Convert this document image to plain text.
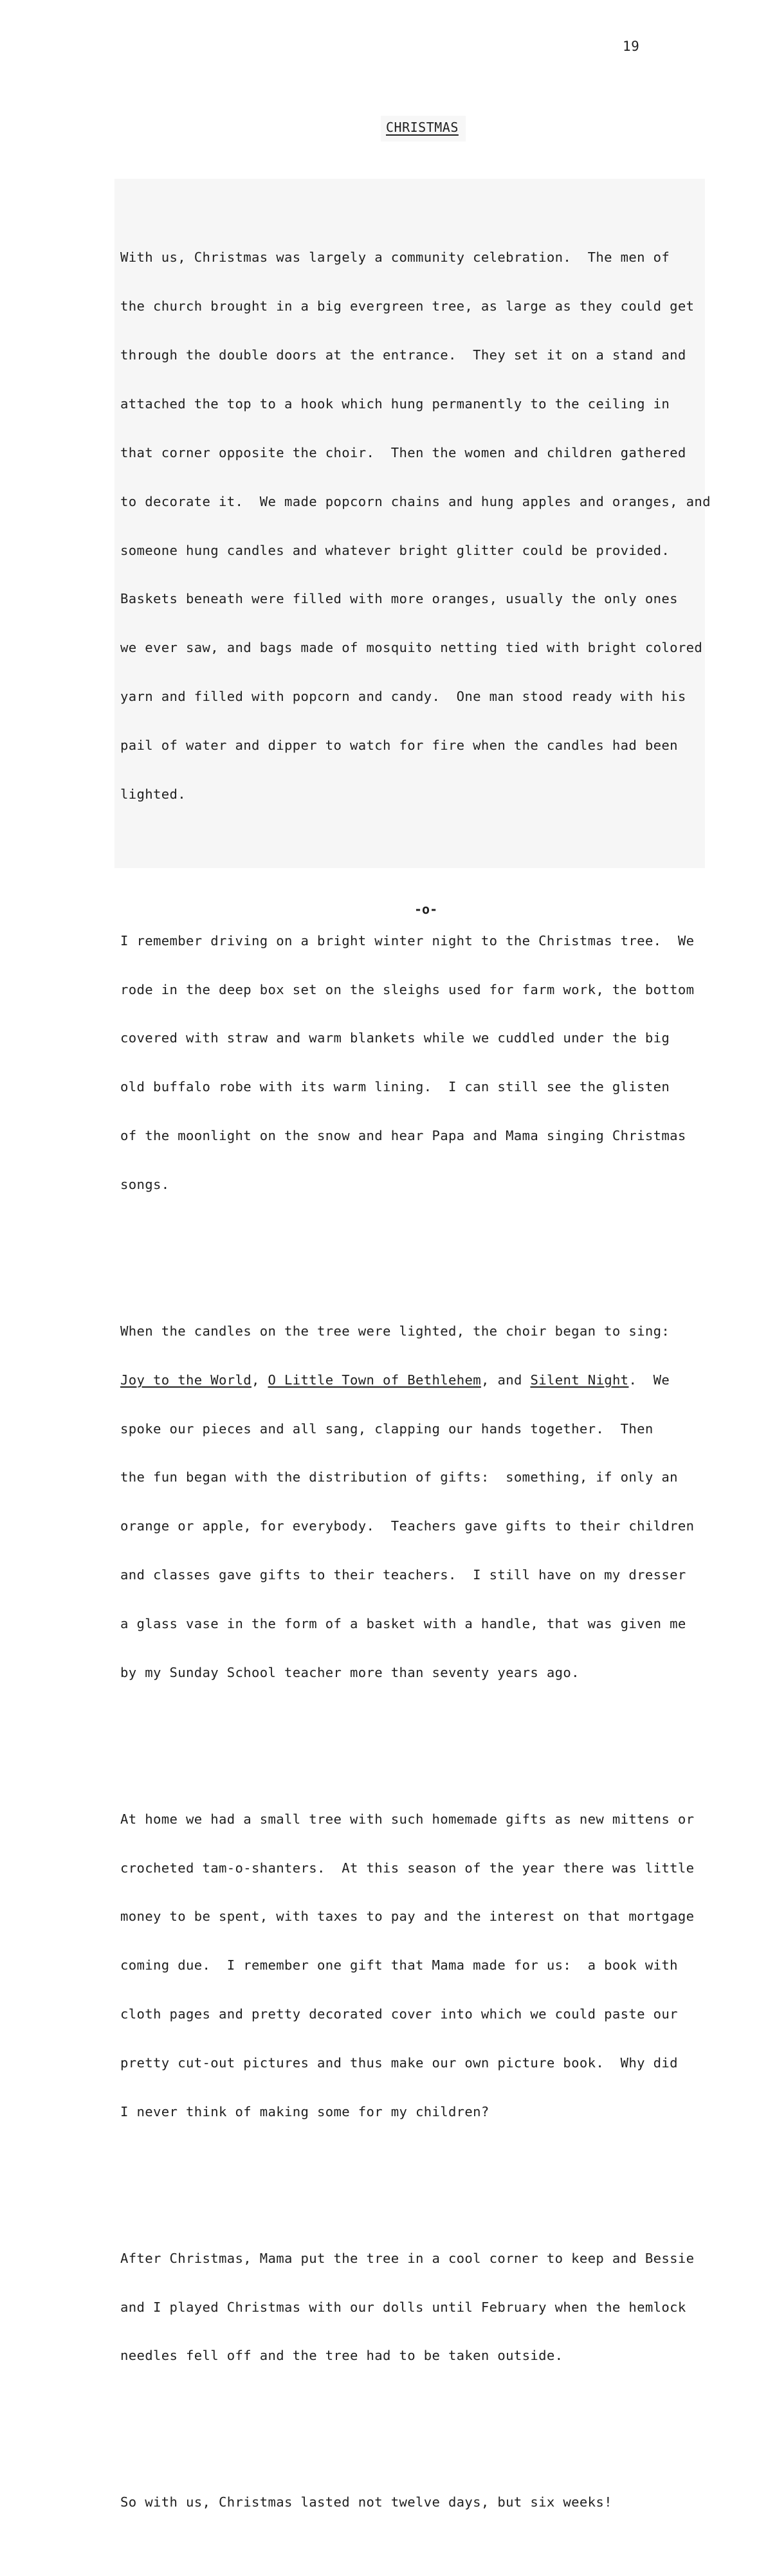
19
CHRISTMAS

With us, Christmas was largely a community celebration.  The men of

the church brought in a big evergreen tree, as large as they could get

through the double doors at the entrance.  They set it on a stand and

attached the top to a hook which hung permanently to the ceiling in

that corner opposite the choir.  Then the women and children gathered

to decorate it.  We made popcorn chains and hung apples and oranges, and

someone hung candles and whatever bright glitter could be provided.

Baskets beneath were filled with more oranges, usually the only ones

we ever saw, and bags made of mosquito netting tied with bright colored

yarn and filled with popcorn and candy.  One man stood ready with his

pail of water and dipper to watch for fire when the candles had been

lighted.

I remember driving on a bright winter night to the Christmas tree.  We

rode in the deep box set on the sleighs used for farm work, the bottom

covered with straw and warm blankets while we cuddled under the big

old buffalo robe with its warm lining.  I can still see the glisten

of the moonlight on the snow and hear Papa and Mama singing Christmas

songs.

When the candles on the tree were lighted, the choir began to sing:

Joy to the World, O Little Town of Bethlehem, and Silent Night.  We

spoke our pieces and all sang, clapping our hands together.  Then

the fun began with the distribution of gifts:  something, if only an

orange or apple, for everybody.  Teachers gave gifts to their children

and classes gave gifts to their teachers.  I still have on my dresser

a glass vase in the form of a basket with a handle, that was given me

by my Sunday School teacher more than seventy years ago.

At home we had a small tree with such homemade gifts as new mittens or

crocheted tam-o-shanters.  At this season of the year there was little

money to be spent, with taxes to pay and the interest on that mortgage

coming due.  I remember one gift that Mama made for us:  a book with

cloth pages and pretty decorated cover into which we could paste our

pretty cut-out pictures and thus make our own picture book.  Why did

I never think of making some for my children?

After Christmas, Mama put the tree in a cool corner to keep and Bessie

and I played Christmas with our dolls until February when the hemlock

needles fell off and the tree had to be taken outside.

So with us, Christmas lasted not twelve days, but six weeks!

-o-
